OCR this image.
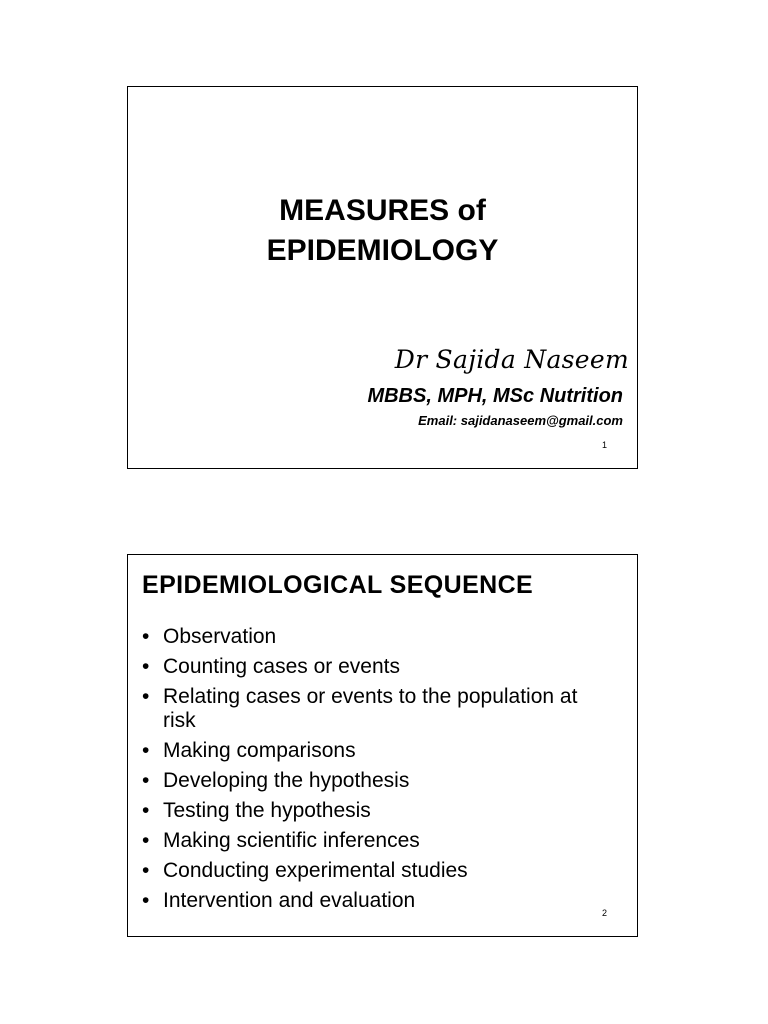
MEASURES of
EPIDEMIOLOGY
Dr Sajida Naseem
MBBS, MPH, MSc Nutrition
Email: sajidanaseem@gmail.com
1
EPIDEMIOLOGICAL SEQUENCE
• Observation
• Counting cases or events
• Relating cases or events to the population at risk
• Making comparisons
• Developing the hypothesis
• Testing the hypothesis
• Making scientific inferences
• Conducting experimental studies
• Intervention and evaluation
2
